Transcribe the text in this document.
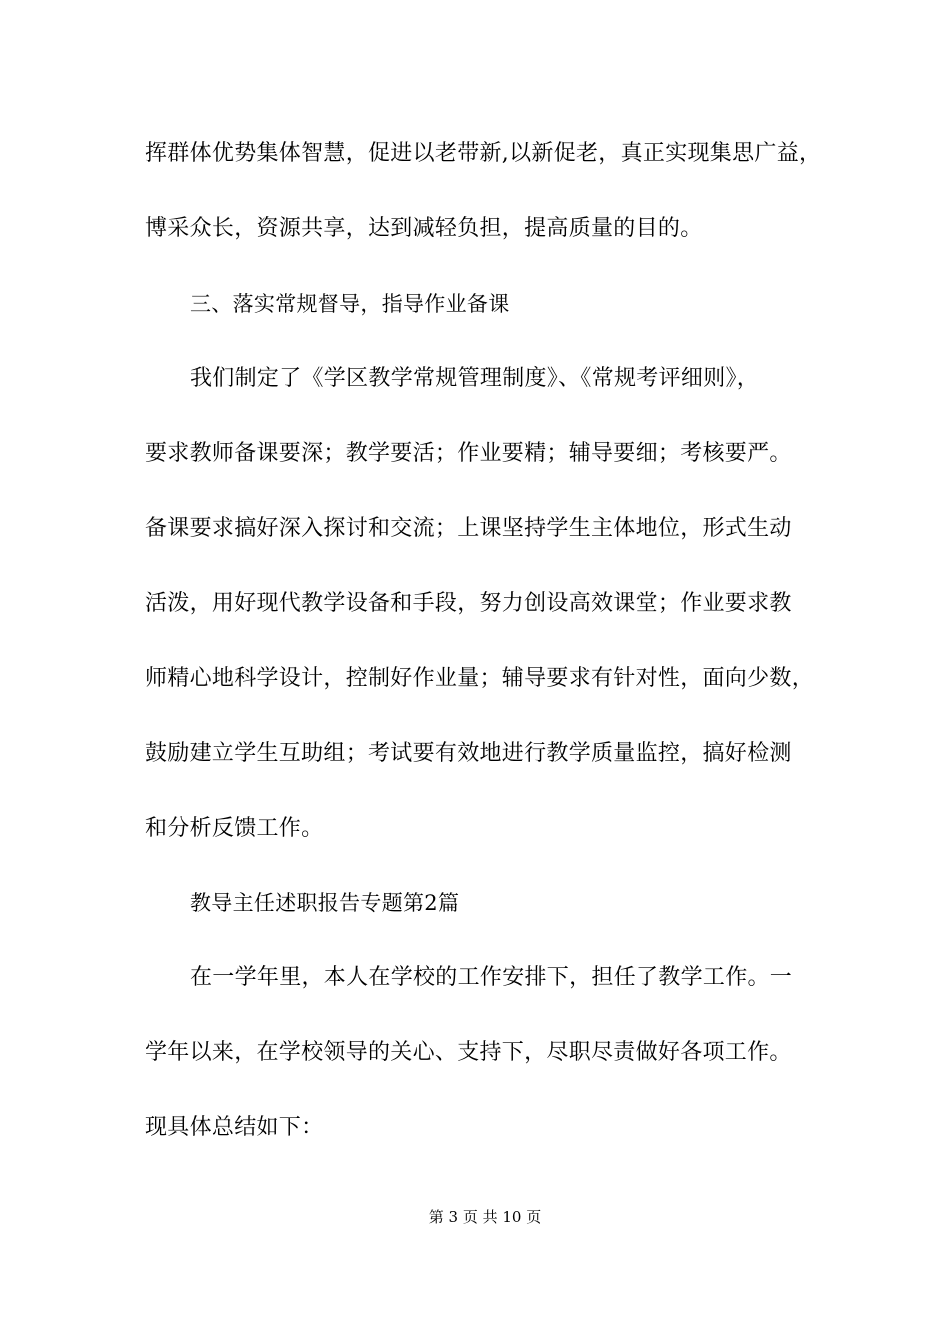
挥群体优势集体智慧，促进以老带新,以新促老，真正实现集思广益，
博采众长，资源共享，达到减轻负担，提高质量的目的。
三、落实常规督导，指导作业备课
我们制定了《学区教学常规管理制度》、《常规考评细则》，
要求教师备课要深；教学要活；作业要精；辅导要细；考核要严。
备课要求搞好深入探讨和交流；上课坚持学生主体地位，形式生动
活泼，用好现代教学设备和手段，努力创设高效课堂；作业要求教
师精心地科学设计，控制好作业量；辅导要求有针对性，面向少数，
鼓励建立学生互助组；考试要有效地进行教学质量监控，搞好检测
和分析反馈工作。
教导主任述职报告专题第2篇
在一学年里，本人在学校的工作安排下，担任了教学工作。一
学年以来，在学校领导的关心、支持下，尽职尽责做好各项工作。
现具体总结如下：
第 3 页 共 10 页
